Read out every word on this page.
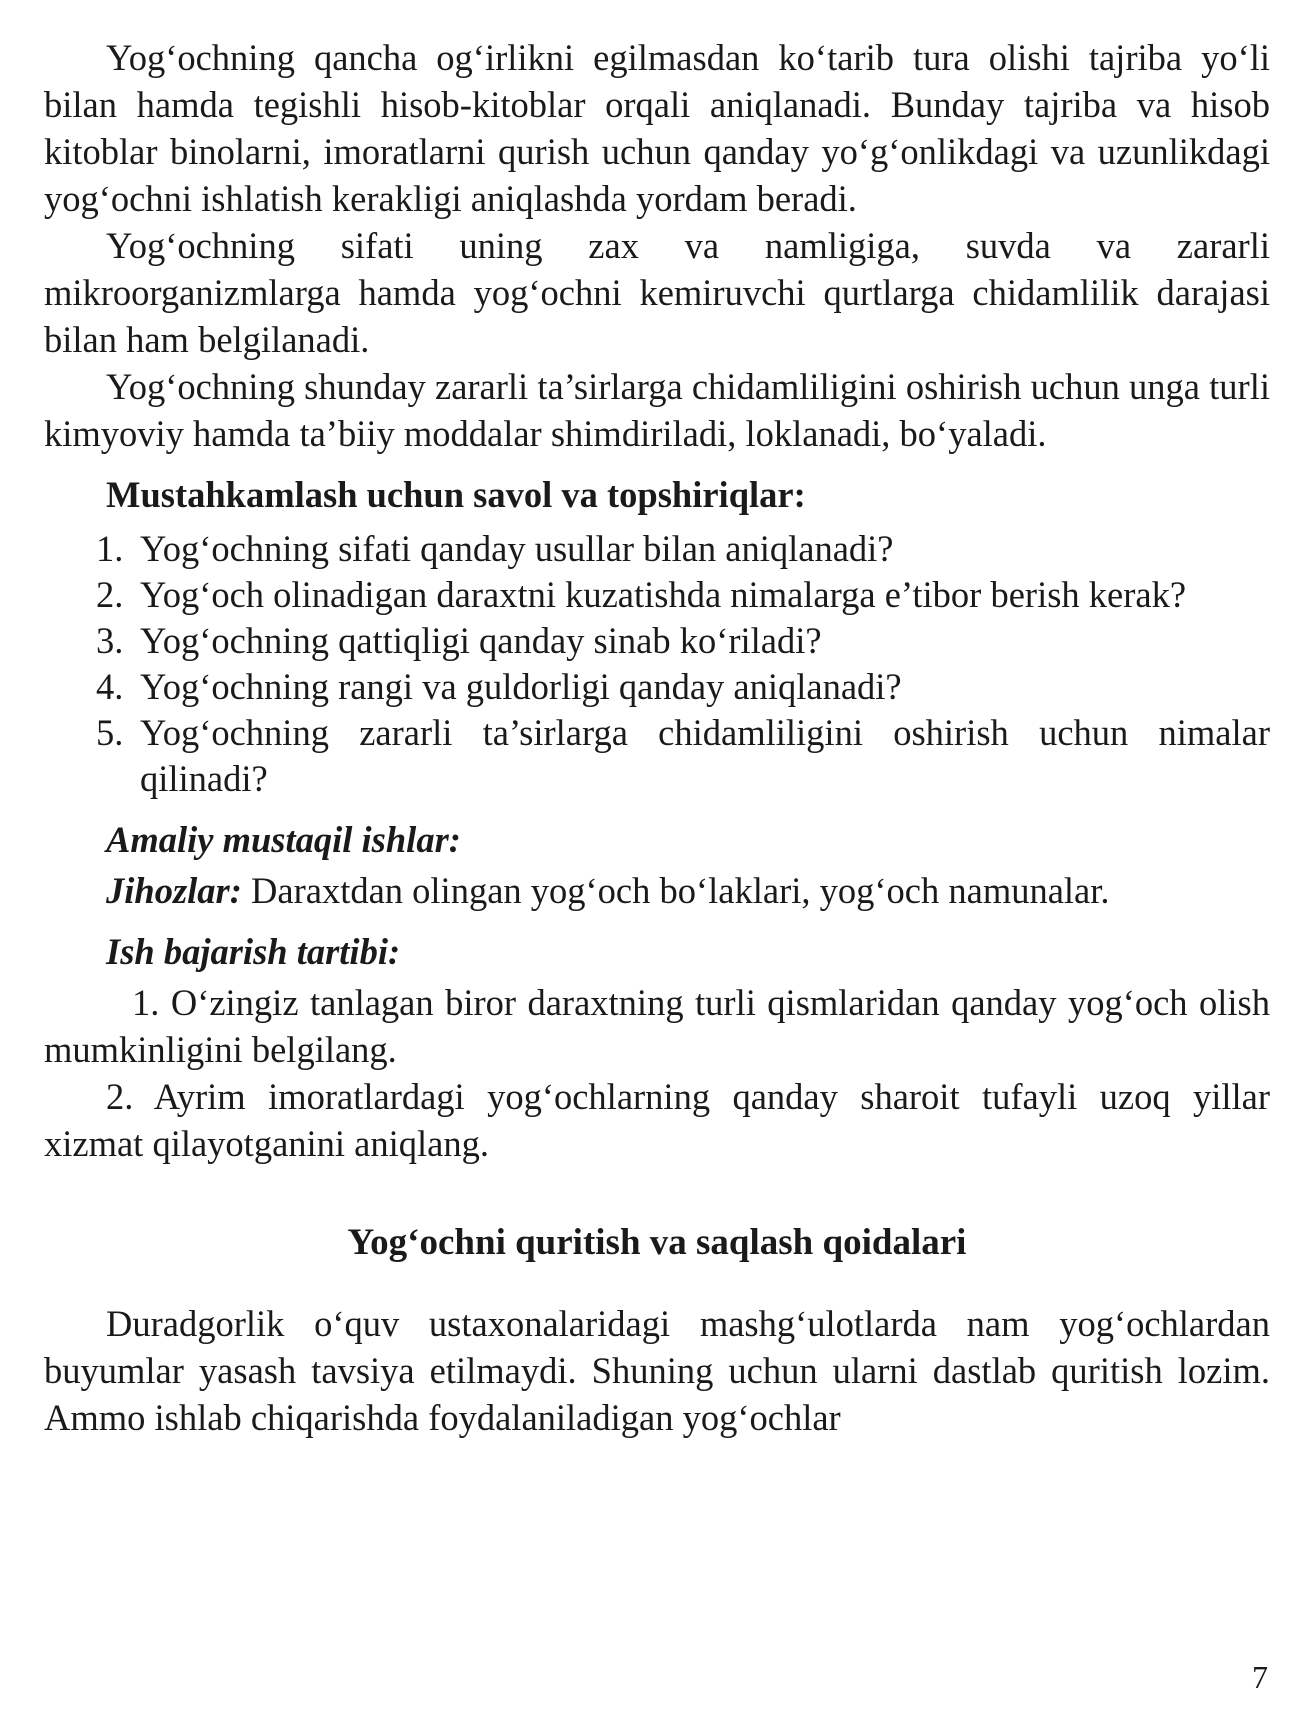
Yog‘ochning qancha og‘irlikni egilmasdan ko‘tarib tura olishi tajriba yo‘li bilan hamda tegishli hisob-kitoblar orqali aniqlanadi. Bunday tajriba va hisob kitoblar binolarni, imoratlarni qurish uchun qanday yo‘g‘onlikdagi va uzunlikdagi yog‘ochni ishlatish kerakligi aniqlashda yordam beradi.

Yog‘ochning sifati uning zax va namligiga, suvda va zararli mikroorganizmlarga hamda yog‘ochni kemiruvchi qurtlarga chidamlilik darajasi bilan ham belgilanadi.

Yog‘ochning shunday zararli ta’sirlarga chidamliligini oshirish uchun unga turli kimyoviy hamda ta’biiy moddalar shimdiriladi, loklanadi, bo‘yaladi.

Mustahkamlash uchun savol va topshiriqlar:
1. Yog‘ochning sifati qanday usullar bilan aniqlanadi?
2. Yog‘och olinadigan daraxtni kuzatishda nimalarga e’tibor berish kerak?
3. Yog‘ochning qattiqligi qanday sinab ko‘riladi?
4. Yog‘ochning rangi va guldorligi qanday aniqlanadi?
5. Yog‘ochning zararli ta’sirlarga chidamliligini oshirish uchun nimalar qilinadi?
Amaliy mustaqil ishlar:

Jihozlar: Daraxtdan olingan yog‘och bo‘laklari, yog‘och namunalar.

Ish bajarish tartibi:

1. O‘zingiz tanlagan biror daraxtning turli qismlaridan qanday yog‘och olish mumkinligini belgilang.

2. Ayrim imoratlardagi yog‘ochlarning qanday sharoit tufayli uzoq yillar xizmat qilayotganini aniqlang.

Yog‘ochni quritish va saqlash qoidalari

Duradgorlik o‘quv ustaxonalaridagi mashg‘ulotlarda nam yog‘ochlardan buyumlar yasash tavsiya etilmaydi. Shuning uchun ularni dastlab quritish lozim. Ammo ishlab chiqarishda foydalaniladigan yog‘ochlar

7
